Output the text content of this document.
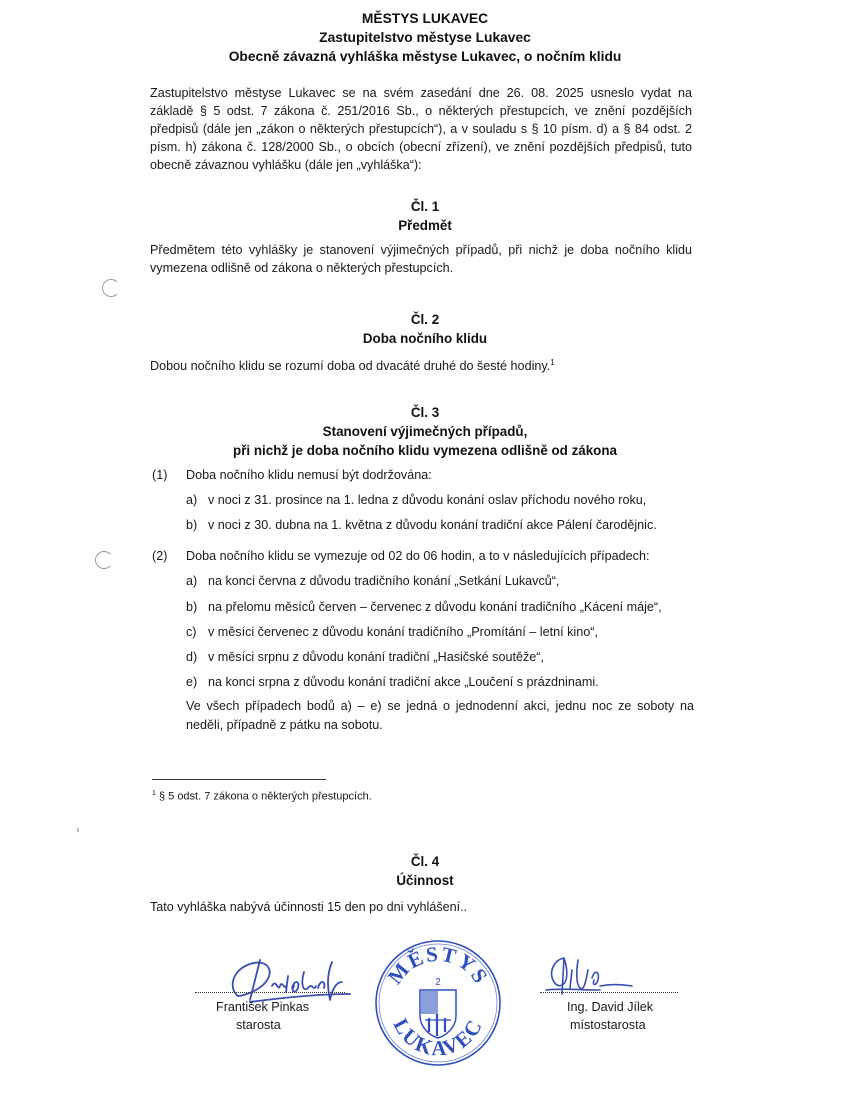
MĚSTYS LUKAVEC
Zastupitelstvo městyse Lukavec
Obecně závazná vyhláška městyse Lukavec, o nočním klidu
Zastupitelstvo městyse Lukavec se na svém zasedání dne 26. 08. 2025 usneslo vydat na
základě § 5 odst. 7 zákona č. 251/2016 Sb., o některých přestupcích, ve znění pozdějších
předpisů (dále jen „zákon o některých přestupcích“), a v souladu s § 10 písm. d) a § 84 odst. 2
písm. h) zákona č. 128/2000 Sb., o obcích (obecní zřízení), ve znění pozdějších předpisů, tuto
obecně závaznou vyhlášku (dále jen „vyhláška“):
Čl. 1
Předmět
Předmětem této vyhlášky je stanovení výjimečných případů, při nichž je doba nočního klidu
vymezena odlišně od zákona o některých přestupcích.
Čl. 2
Doba nočního klidu
Dobou nočního klidu se rozumí doba od dvacáté druhé do šesté hodiny.$^1$
Čl. 3
Stanovení výjimečných případů,
při nichž je doba nočního klidu vymezena odlišně od zákona
(1) Doba nočního klidu nemusí být dodržována:
a) v noci z 31. prosince na 1. ledna z důvodu konání oslav příchodu nového roku,
b) v noci z 30. dubna na 1. května z důvodu konání tradiční akce Pálení čarodějnic.
(2) Doba nočního klidu se vymezuje od 02 do 06 hodin, a to v následujících případech:
a) na konci června z důvodu tradičního konání „Setkání Lukavců“,
b) na přelomu měsíců červen – červenec z důvodu konání tradičního „Kácení máje“,
c) v měsíci červenec z důvodu konání tradičního „Promítání – letní kino“,
d) v měsíci srpnu z důvodu konání tradiční „Hasičské soutěže“,
e) na konci srpna z důvodu konání tradiční akce „Loučení s prázdninami.
Ve všech případech bodů a) – e) se jedná o jednodenní akci, jednu noc ze soboty na
neděli, případně z pátku na sobotu.
$^1$ § 5 odst. 7 zákona o některých přestupcích.
Čl. 4
Účinnost
Tato vyhláška nabývá účinnosti 15 den po dni vyhlášení..
František Pinkas
starosta
Ing. David Jílek
místostarosta
MĚSTYS
LUKAVEC
2
